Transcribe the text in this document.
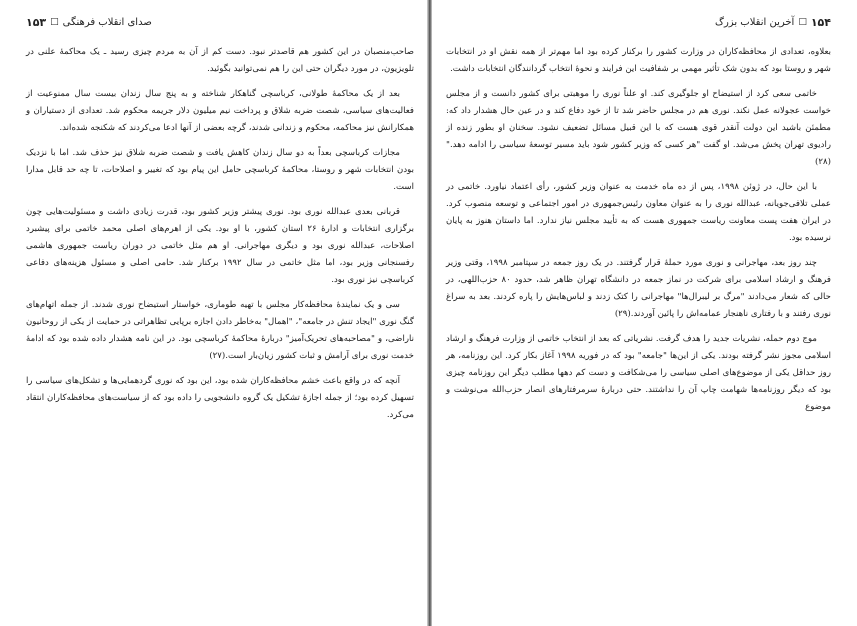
صدای انقلاب فرهنگی
□
۱۵۳

صاحب‌منصبان در این کشور هم قاصدتر نبود. دست کم از آن به مردم چیزی رسید ـ یک محاکمهٔ علنی در تلویزیون، در مورد دیگران حتی این را هم نمی‌توانید بگوئید.

بعد از یک محاکمهٔ طولانی، کرباسچی گناهکار شناخته و به پنج سال زندان بیست سال ممنوعیت از فعالیت‌های سیاسی، شصت ضربه شلاق و پرداخت نیم میلیون دلار جریمه محکوم شد. تعدادی از دستیاران و همکارانش نیز محاکمه، محکوم و زندانی شدند، گرچه بعضی از آنها ادعا می‌کردند که شکنجه شده‌اند.

مجازات کرباسچی بعداً به دو سال زندان کاهش یافت و شصت ضربه شلاق نیز حذف شد. اما با نزدیک بودن انتخابات شهر و روستا، محاکمهٔ کرباسچی حامل این پیام بود که تغییر و اصلاحات، تا چه حد قابل مدارا است.

قربانی بعدی عبدالله نوری بود. نوری پیشتر وزیر کشور بود، قدرت زیادی داشت و مسئولیت‌هایی چون برگزاری انتخابات و ادارهٔ ۲۶ استان کشور، با او بود. یکی از اهرم‌های اصلی محمد خاتمی برای پیشبرد اصلاحات، عبدالله نوری بود و دیگری مهاجرانی. او هم مثل خاتمی در دوران ریاست جمهوری هاشمی رفسنجانی وزیر بود، اما مثل خاتمی در سال ۱۹۹۲ برکنار شد. حامی اصلی و مسئول هزینه‌های دفاعی کرباسچی نیز نوری بود.

سی و یک نمایندهٔ محافظه‌کار مجلس با تهیه طوماری، خواستار استیضاح نوری شدند. از جمله اتهام‌های گنگ نوری "ایجاد تنش در جامعه"، "اهمال" به‌خاطر دادن اجازه برپایی تظاهراتی در حمایت از یکی از روحانیون ناراضی، و "مصاحبه‌های تحریک‌آمیز" دربارهٔ محاکمهٔ کرباسچی بود. در این نامه هشدار داده شده بود که ادامهٔ خدمت نوری برای آرامش و ثبات کشور زیان‌بار است.(۲۷)

آنچه که در واقع باعث خشم محافظه‌کاران شده بود، این بود که نوری گردهمایی‌ها و تشکل‌های سیاسی را تسهیل کرده بود؛ از جمله اجازهٔ تشکیل یک گروه دانشجویی را داده بود که از سیاست‌های محافظه‌کاران انتقاد می‌کرد.

۱۵۴
□
آخرین انقلاب بزرگ

بعلاوه، تعدادی از محافظه‌کاران در وزارت کشور را برکنار کرده بود اما مهم‌تر از همه نقش او در انتخابات شهر و روستا بود که بدون شک تأثیر مهمی بر شفافیت این فرایند و نحوهٔ انتخاب گردانندگان انتخابات داشت.

خاتمی سعی کرد از استیضاح او جلوگیری کند. او علناً نوری را موهبتی برای کشور دانست و از مجلس خواست عجولانه عمل نکند. نوری هم در مجلس حاضر شد تا از خود دفاع کند و در عین حال هشدار داد که: مطمئن باشید این دولت آنقدر قوی هست که با این قبیل مسائل تضعیف نشود. سخنان او بطور زنده از رادیوی تهران پخش می‌شد. او گفت "هر کسی که وزیر کشور شود باید مسیر توسعهٔ سیاسی را ادامه دهد."(۲۸)

با این حال، در ژوئن ۱۹۹۸، پس از ده ماه خدمت به عنوان وزیر کشور، رأی اعتماد نیاورد. خاتمی در عملی تلافی‌جویانه، عبدالله نوری را به عنوان معاون رئیس‌جمهوری در امور اجتماعی و توسعه منصوب کرد. در ایران هفت پست معاونت ریاست جمهوری هست که به تأیید مجلس نیاز ندارد. اما داستان هنوز به پایان نرسیده بود.

چند روز بعد، مهاجرانی و نوری مورد حملهٔ قرار گرفتند. در یک روز جمعه در سپتامبر ۱۹۹۸، وقتی وزیر فرهنگ و ارشاد اسلامی برای شرکت در نماز جمعه در دانشگاه تهران ظاهر شد، حدود ۸۰ حزب‌اللهی، در حالی که شعار می‌دادند "مرگ بر لیبرال‌ها" مهاجرانی را کتک زدند و لباس‌هایش را پاره کردند. بعد به سراغ نوری رفتند و با رفتاری ناهنجار عمامه‌اش را پائین آوردند.(۲۹)

موج دوم حمله، نشریات جدید را هدف گرفت. نشریاتی که بعد از انتخاب خاتمی از وزارت فرهنگ و ارشاد اسلامی مجوز نشر گرفته بودند. یکی از این‌ها "جامعه" بود که در فوریه ۱۹۹۸ آغاز بکار کرد. این روزنامه، هر روز حداقل یکی از موضوع‌های اصلی سیاسی را می‌شکافت و دست کم دهها مطلب دیگر این روزنامه چیزی بود که دیگر روزنامه‌ها شهامت چاپ آن را نداشتند. حتی دربارهٔ سرمرفتارهای انصار حزب‌الله می‌نوشت و موضوع
